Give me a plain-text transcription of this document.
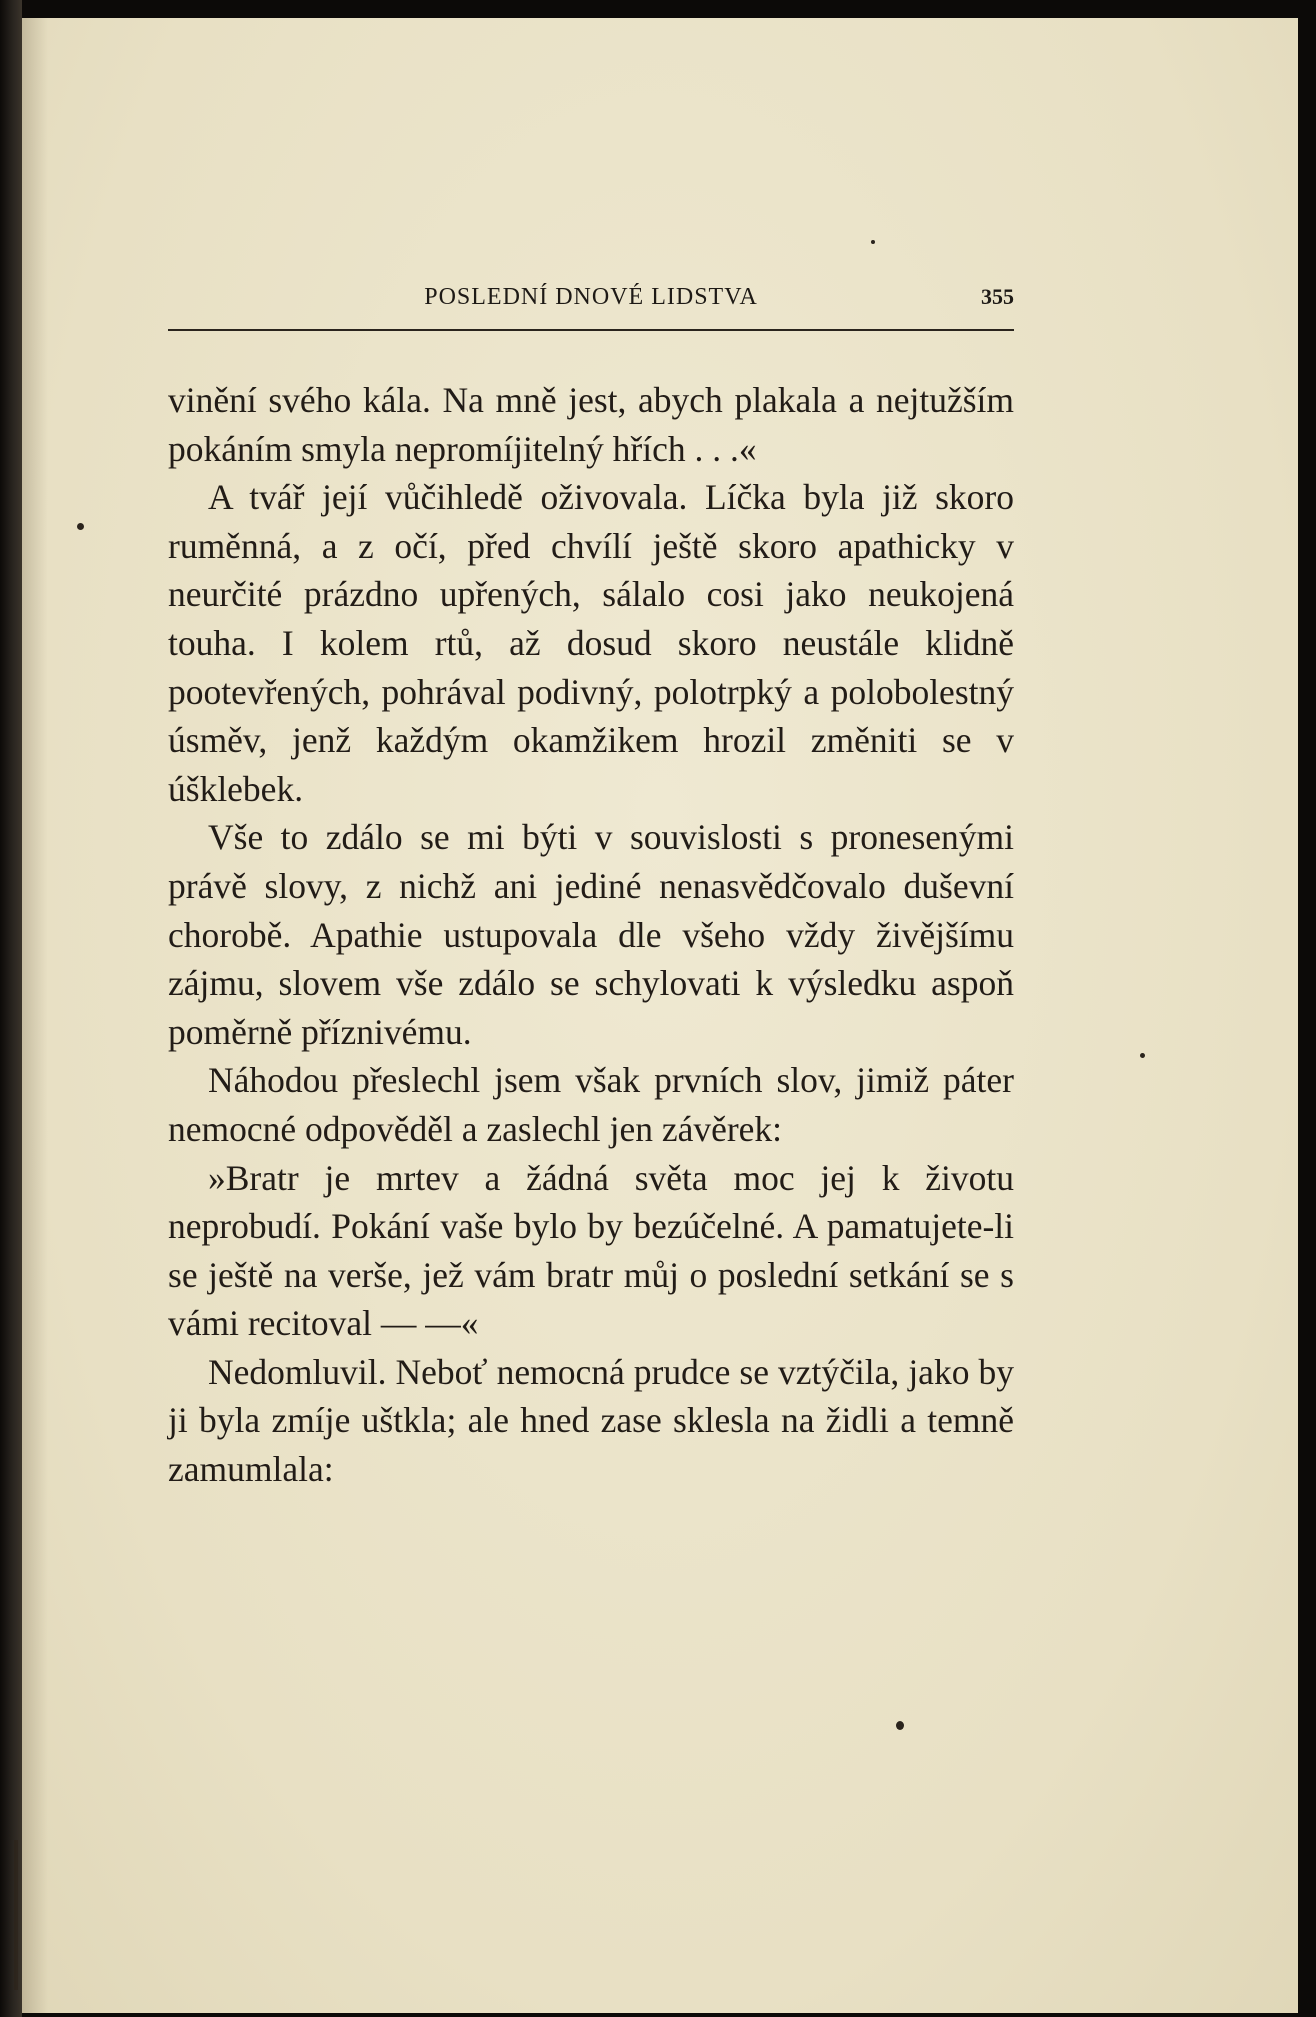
POSLEDNÍ DNOVÉ LIDSTVA	355

vinění svého kála. Na mně jest, abych plakala a nejtužším pokáním smyla nepromíjitelný hřích . . .«

A tvář její vůčihledě oživovala. Líčka byla již skoro ruměnná, a z očí, před chvílí ještě skoro apathicky v neurčité prázdno upřených, sálalo cosi jako neukojená touha. I kolem rtů, až dosud skoro neustále klidně pootevřených, pohrával podivný, polotrpký a polobolestný úsměv, jenž každým okamžikem hrozil změniti se v úšklebek.

Vše to zdálo se mi býti v souvislosti s pronesenými právě slovy, z nichž ani jediné nenasvědčovalo duševní chorobě. Apathie ustupovala dle všeho vždy živějšímu zájmu, slovem vše zdálo se schylovati k výsledku aspoň poměrně příznivému.

Náhodou přeslechl jsem však prvních slov, jimiž páter nemocné odpověděl a zaslechl jen závěrek:

»Bratr je mrtev a žádná světa moc jej k životu neprobudí. Pokání vaše bylo by bezúčelné. A pamatujete-li se ještě na verše, jež vám bratr můj o poslední setkání se s vámi recitoval — —«

Nedomluvil. Neboť nemocná prudce se vztýčila, jako by ji byla zmíje uštkla; ale hned zase sklesla na židli a temně zamumlala:
